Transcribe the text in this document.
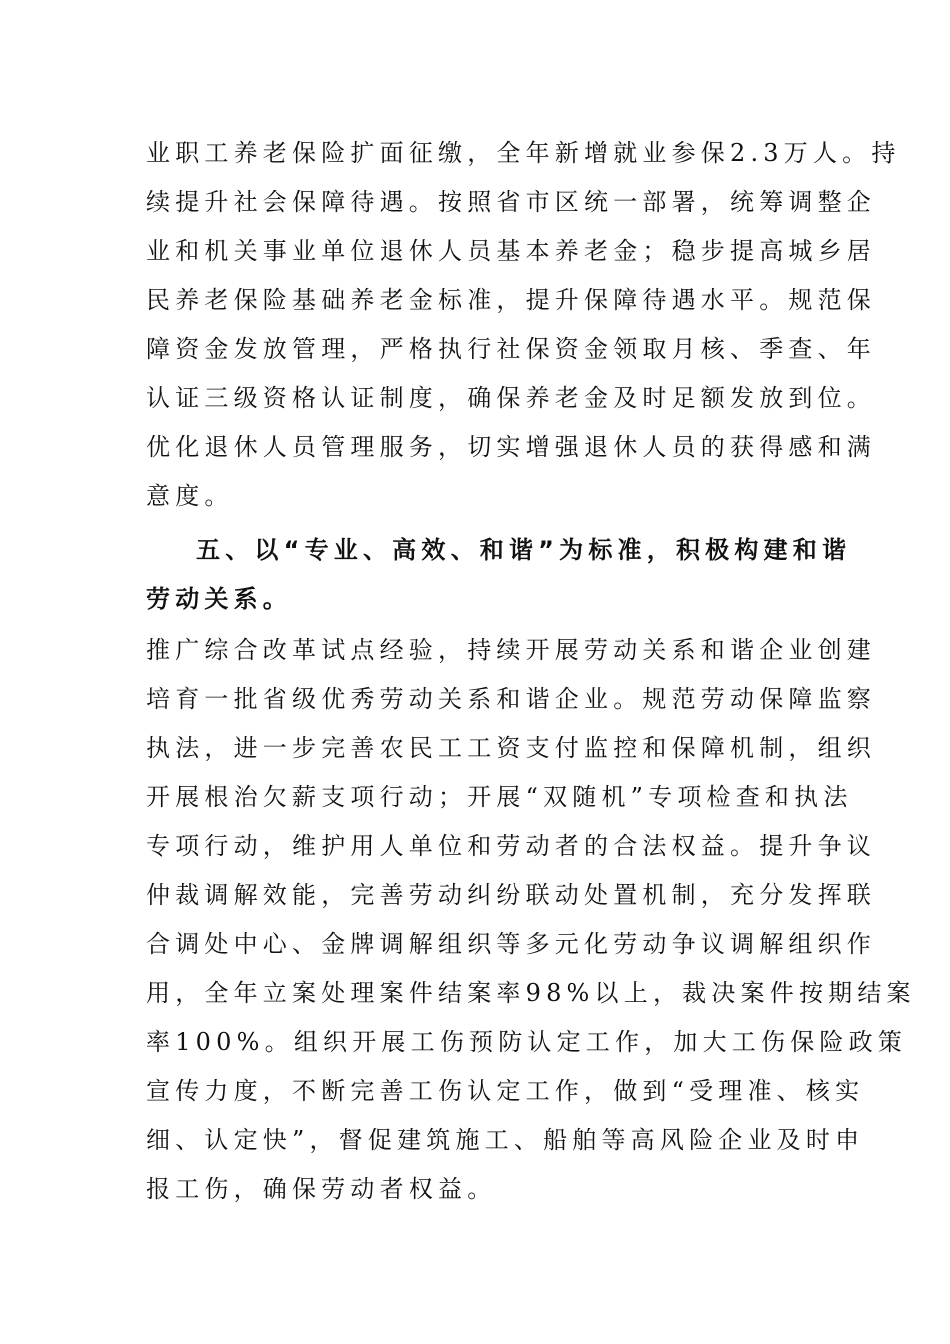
业职工养老保险扩面征缴，全年新增就业参保2.3万人。持
续提升社会保障待遇。按照省市区统一部署，统筹调整企
业和机关事业单位退休人员基本养老金；稳步提高城乡居
民养老保险基础养老金标准，提升保障待遇水平。规范保
障资金发放管理，严格执行社保资金领取月核、季查、年
认证三级资格认证制度，确保养老金及时足额发放到位。
优化退休人员管理服务，切实增强退休人员的获得感和满
意度。
五、以“专业、高效、和谐”为标准，积极构建和谐
劳动关系。
推广综合改革试点经验，持续开展劳动关系和谐企业创建
培育一批省级优秀劳动关系和谐企业。规范劳动保障监察
执法，进一步完善农民工工资支付监控和保障机制，组织
开展根治欠薪支项行动；开展“双随机”专项检查和执法
专项行动，维护用人单位和劳动者的合法权益。提升争议
仲裁调解效能，完善劳动纠纷联动处置机制，充分发挥联
合调处中心、金牌调解组织等多元化劳动争议调解组织作
用，全年立案处理案件结案率98%以上，裁决案件按期结案
率100%。组织开展工伤预防认定工作，加大工伤保险政策
宣传力度，不断完善工伤认定工作，做到“受理准、核实
细、认定快”，督促建筑施工、船舶等高风险企业及时申
报工伤，确保劳动者权益。
